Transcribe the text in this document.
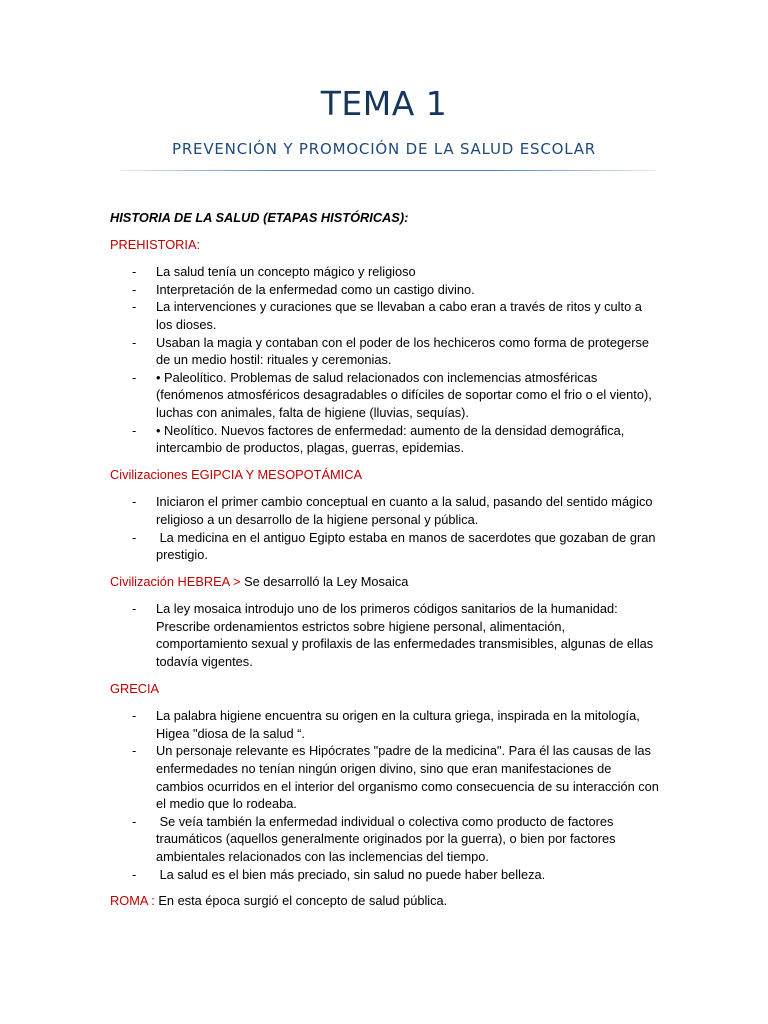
TEMA 1
PREVENCIÓN Y PROMOCIÓN DE LA SALUD ESCOLAR

HISTORIA DE LA SALUD (ETAPAS HISTÓRICAS):

PREHISTORIA:

- La salud tenía un concepto mágico y religioso
- Interpretación de la enfermedad como un castigo divino.
- La intervenciones y curaciones que se llevaban a cabo eran a través de ritos y culto a los dioses.
- Usaban la magia y contaban con el poder de los hechiceros como forma de protegerse de un medio hostil: rituales y ceremonias.
- • Paleolítico. Problemas de salud relacionados con inclemencias atmosféricas (fenómenos atmosféricos desagradables o difíciles de soportar como el frio o el viento), luchas con animales, falta de higiene (lluvias, sequías).
- • Neolítico. Nuevos factores de enfermedad: aumento de la densidad demográfica, intercambio de productos, plagas, guerras, epidemias.

Civilizaciones EGIPCIA Y MESOPOTÁMICA

- Iniciaron el primer cambio conceptual en cuanto a la salud, pasando del sentido mágico religioso a un desarrollo de la higiene personal y pública.
- La medicina en el antiguo Egipto estaba en manos de sacerdotes que gozaban de gran prestigio.

Civilización HEBREA > Se desarrolló la Ley Mosaica

- La ley mosaica introdujo uno de los primeros códigos sanitarios de la humanidad: Prescribe ordenamientos estrictos sobre higiene personal, alimentación, comportamiento sexual y profilaxis de las enfermedades transmisibles, algunas de ellas todavía vigentes.

GRECIA

- La palabra higiene encuentra su origen en la cultura griega, inspirada en la mitología, Higea "diosa de la salud “.
- Un personaje relevante es Hipócrates "padre de la medicina". Para él las causas de las enfermedades no tenían ningún origen divino, sino que eran manifestaciones de cambios ocurridos en el interior del organismo como consecuencia de su interacción con el medio que lo rodeaba.
- Se veía también la enfermedad individual o colectiva como producto de factores traumáticos (aquellos generalmente originados por la guerra), o bien por factores ambientales relacionados con las inclemencias del tiempo.
- La salud es el bien más preciado, sin salud no puede haber belleza.

ROMA : En esta época surgió el concepto de salud pública.
